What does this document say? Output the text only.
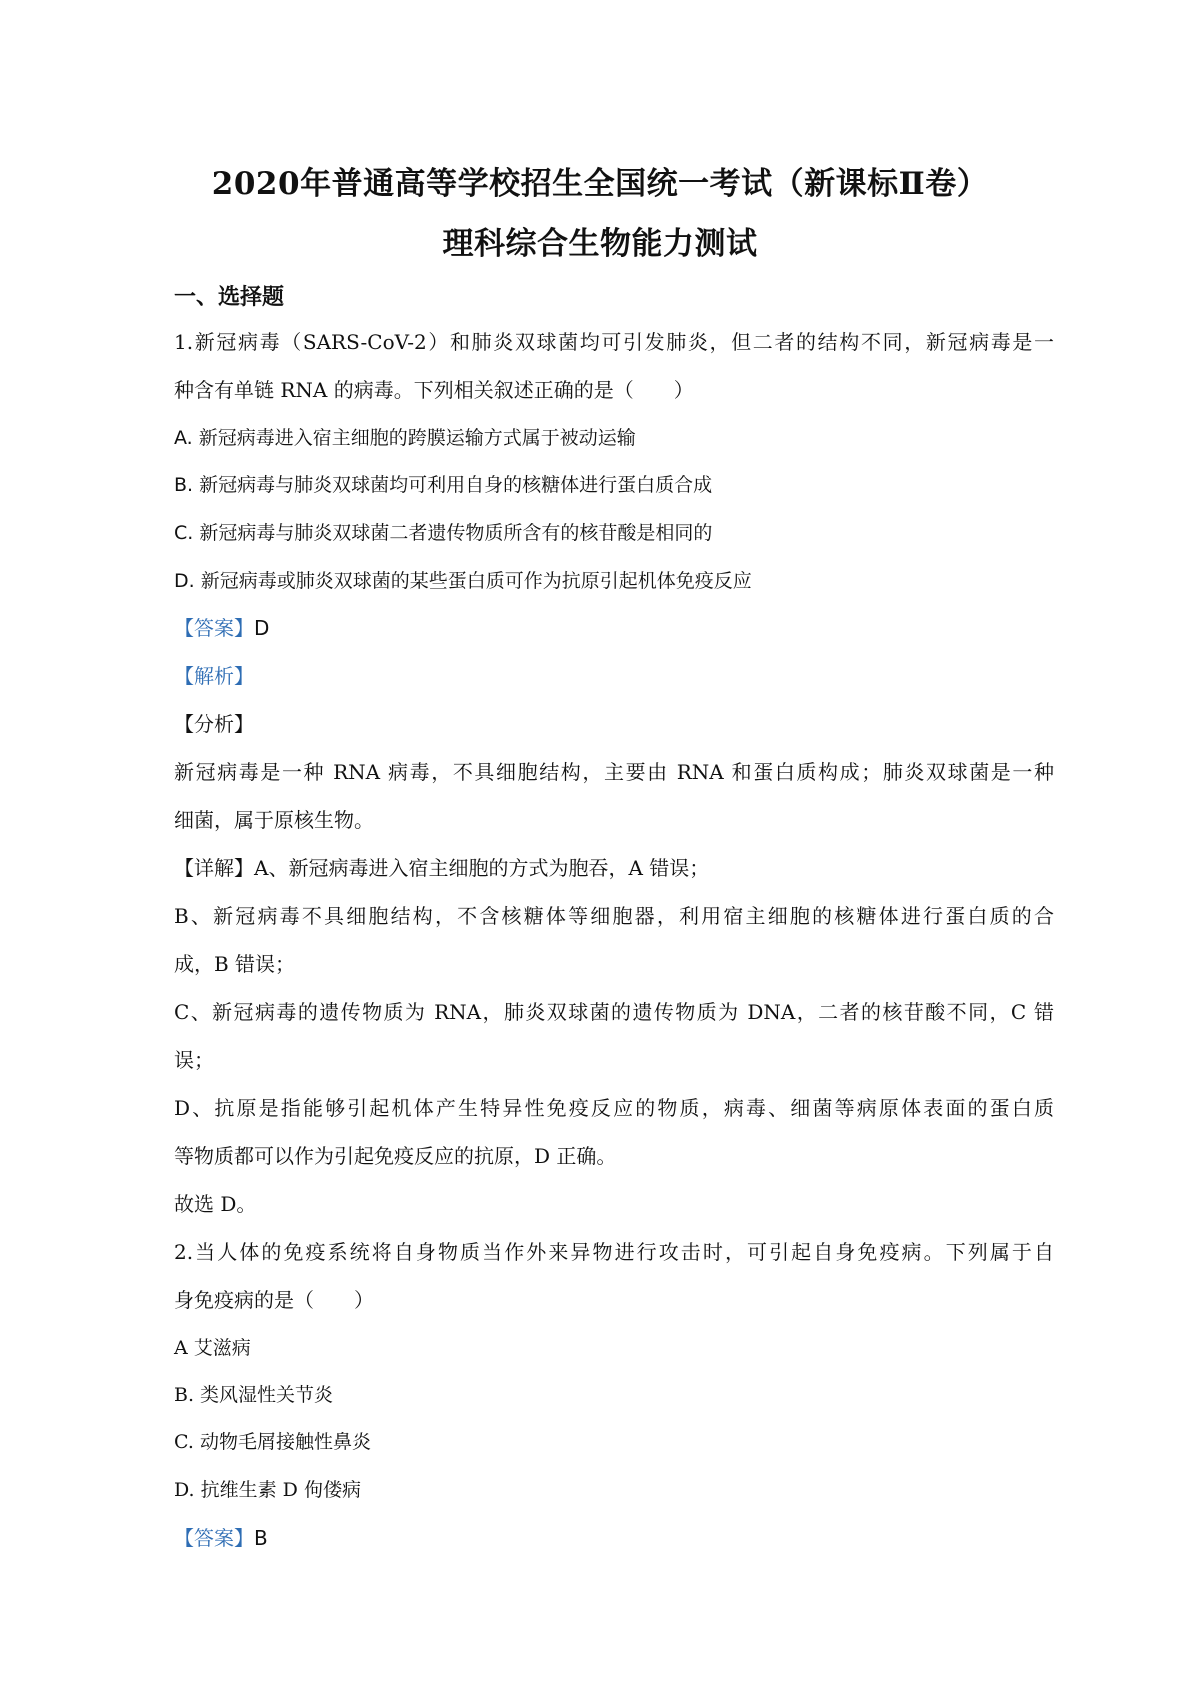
2020年普通高等学校招生全国统一考试（新课标Ⅱ卷）
理科综合生物能力测试
一、选择题
1.新冠病毒（SARS-CoV-2）和肺炎双球菌均可引发肺炎，但二者的结构不同，新冠病毒是一
种含有单链 RNA 的病毒。下列相关叙述正确的是（　　）
A. 新冠病毒进入宿主细胞的跨膜运输方式属于被动运输
B. 新冠病毒与肺炎双球菌均可利用自身的核糖体进行蛋白质合成
C. 新冠病毒与肺炎双球菌二者遗传物质所含有的核苷酸是相同的
D. 新冠病毒或肺炎双球菌的某些蛋白质可作为抗原引起机体免疫反应
【答案】D
【解析】
【分析】
新冠病毒是一种 RNA 病毒，不具细胞结构，主要由 RNA 和蛋白质构成；肺炎双球菌是一种
细菌，属于原核生物。
【详解】A、新冠病毒进入宿主细胞的方式为胞吞，A 错误；
B、新冠病毒不具细胞结构，不含核糖体等细胞器，利用宿主细胞的核糖体进行蛋白质的合
成，B 错误；
C、新冠病毒的遗传物质为 RNA，肺炎双球菌的遗传物质为 DNA，二者的核苷酸不同，C 错
误；
D、抗原是指能够引起机体产生特异性免疫反应的物质，病毒、细菌等病原体表面的蛋白质
等物质都可以作为引起免疫反应的抗原，D 正确。
故选 D。
2.当人体的免疫系统将自身物质当作外来异物进行攻击时，可引起自身免疫病。下列属于自
身免疫病的是（　　）
A 艾滋病
B. 类风湿性关节炎
C. 动物毛屑接触性鼻炎
D. 抗维生素 D 佝偻病
【答案】B
